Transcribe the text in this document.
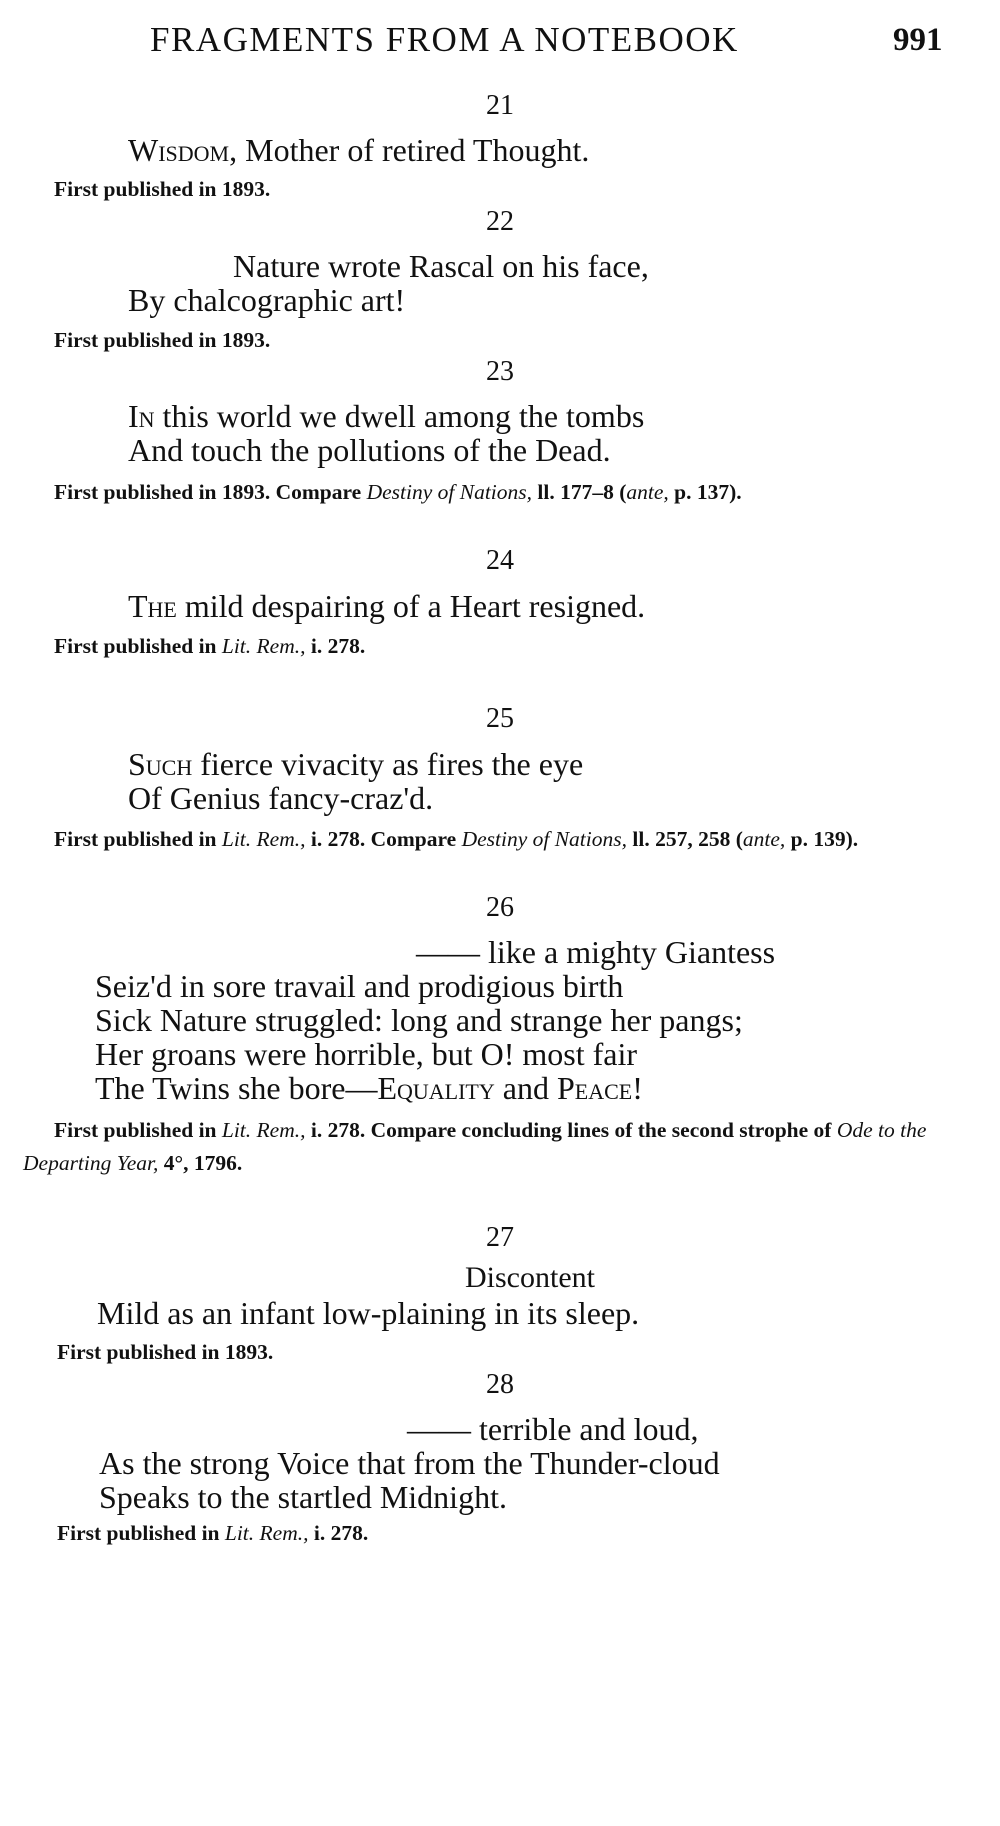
FRAGMENTS FROM A NOTEBOOK	991
21
Wisdom, Mother of retired Thought.
First published in 1893.
22
Nature wrote Rascal on his face,
By chalcographic art!
First published in 1893.
23
In this world we dwell among the tombs
And touch the pollutions of the Dead.
First published in 1893. Compare Destiny of Nations, ll. 177–8 (ante, p. 137).
24
The mild despairing of a Heart resigned.
First published in Lit. Rem., i. 278.
25
Such fierce vivacity as fires the eye
Of Genius fancy-craz'd.
First published in Lit. Rem., i. 278. Compare Destiny of Nations, ll. 257, 258 (ante, p. 139).
26
—— like a mighty Giantess
Seiz'd in sore travail and prodigious birth
Sick Nature struggled: long and strange her pangs;
Her groans were horrible, but O! most fair
The Twins she bore—Equality and Peace!
First published in Lit. Rem., i. 278. Compare concluding lines of the second strophe of Ode to the Departing Year, 4°, 1796.
27
Discontent
Mild as an infant low-plaining in its sleep.
First published in 1893.
28
—— terrible and loud,
As the strong Voice that from the Thunder-cloud
Speaks to the startled Midnight.
First published in Lit. Rem., i. 278.
